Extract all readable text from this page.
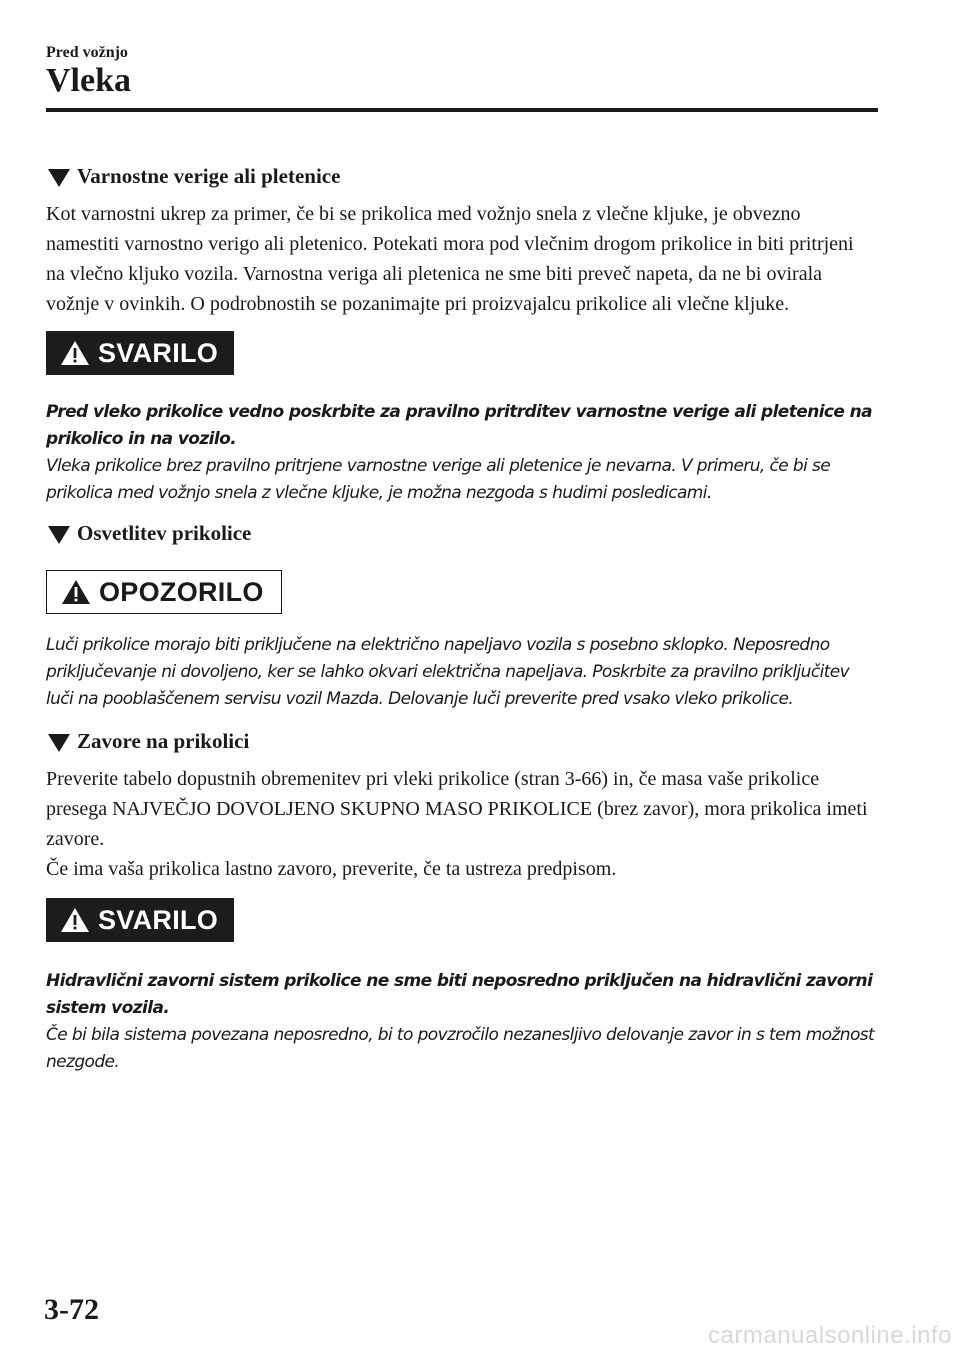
Pred vožnjo
Vleka
Varnostne verige ali pletenice

Kot varnostni ukrep za primer, če bi se prikolica med vožnjo snela z vlečne kljuke, je obvezno namestiti varnostno verigo ali pletenico. Potekati mora pod vlečnim drogom prikolice in biti pritrjeni na vlečno kljuko vozila. Varnostna veriga ali pletenica ne sme biti preveč napeta, da ne bi ovirala vožnje v ovinkih. O podrobnostih se pozanimajte pri proizvajalcu prikolice ali vlečne kljuke.

SVARILO

Pred vleko prikolice vedno poskrbite za pravilno pritrditev varnostne verige ali pletenice na prikolico in na vozilo.

Vleka prikolice brez pravilno pritrjene varnostne verige ali pletenice je nevarna. V primeru, če bi se prikolica med vožnjo snela z vlečne kljuke, je možna nezgoda s hudimi posledicami.

Osvetlitev prikolice
OPOZORILO

Luči prikolice morajo biti priključene na električno napeljavo vozila s posebno sklopko. Neposredno priključevanje ni dovoljeno, ker se lahko okvari električna napeljava. Poskrbite za pravilno priključitev luči na pooblaščenem servisu vozil Mazda. Delovanje luči preverite pred vsako vleko prikolice.

Zavore na prikolici

Preverite tabelo dopustnih obremenitev pri vleki prikolice (stran 3-66) in, če masa vaše prikolice presega NAJVEČJO DOVOLJENO SKUPNO MASO PRIKOLICE (brez zavor), mora prikolica imeti zavore.

Če ima vaša prikolica lastno zavoro, preverite, če ta ustreza predpisom.

SVARILO

Hidravlični zavorni sistem prikolice ne sme biti neposredno priključen na hidravlični zavorni sistem vozila.

Če bi bila sistema povezana neposredno, bi to povzročilo nezanesljivo delovanje zavor in s tem možnost nezgode.

3-72
carmanualsonline.info
